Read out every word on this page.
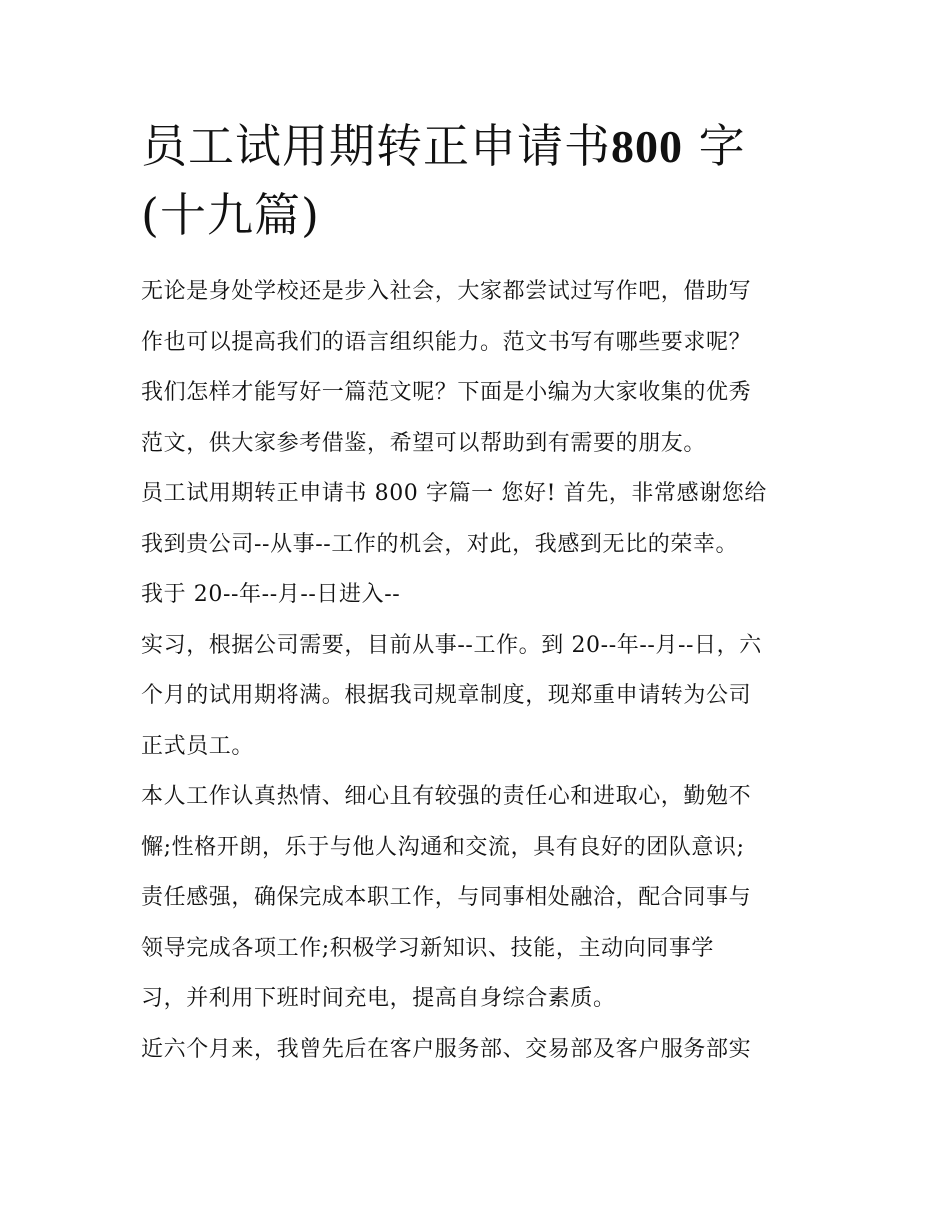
员工试用期转正申请书800 字
(十九篇)
无论是身处学校还是步入社会，大家都尝试过写作吧，借助写
作也可以提高我们的语言组织能力。范文书写有哪些要求呢？
我们怎样才能写好一篇范文呢？下面是小编为大家收集的优秀
范文，供大家参考借鉴，希望可以帮助到有需要的朋友。
员工试用期转正申请书 800 字篇一 您好! 首先，非常感谢您给
我到贵公司--从事--工作的机会，对此，我感到无比的荣幸。
我于 20--年--月--日进入--
实习，根据公司需要，目前从事--工作。到 20--年--月--日，六
个月的试用期将满。根据我司规章制度，现郑重申请转为公司
正式员工。
本人工作认真热情、细心且有较强的责任心和进取心，勤勉不
懈;性格开朗，乐于与他人沟通和交流，具有良好的团队意识;
责任感强，确保完成本职工作，与同事相处融洽，配合同事与
领导完成各项工作;积极学习新知识、技能，主动向同事学
习，并利用下班时间充电，提高自身综合素质。
近六个月来，我曾先后在客户服务部、交易部及客户服务部实
